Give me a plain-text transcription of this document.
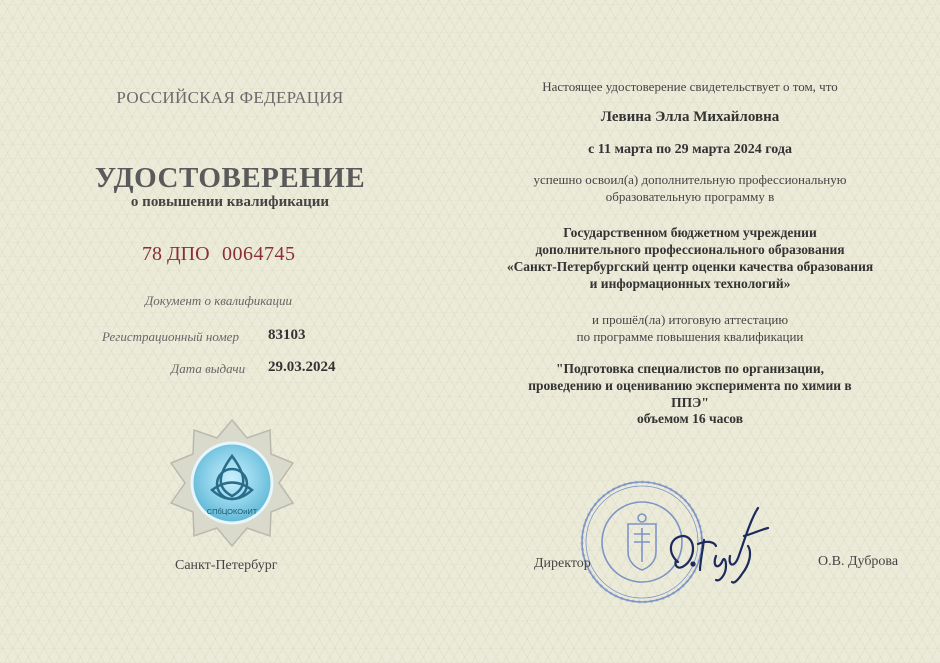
РОССИЙСКАЯ ФЕДЕРАЦИЯ
УДОСТОВЕРЕНИЕ
о повышении квалификации
78 ДПО 0064745
Документ о квалификации
Регистрационный номер 83103
Дата выдачи 29.03.2024
СПбЦОКОиИТ
Санкт-Петербург
Настоящее удостоверение свидетельствует о том, что
Левина Элла Михайловна
с 11 марта по 29 марта 2024 года
успешно освоил(а) дополнительную профессиональную
образовательную программу в
Государственном бюджетном учреждении
дополнительного профессионального образования
«Санкт-Петербургский центр оценки качества образования
и информационных технологий»
и прошёл(ла) итоговую аттестацию
по программе повышения квалификации
"Подготовка специалистов по организации,
проведению и оцениванию эксперимента по химии в
ППЭ"
объемом 16 часов
Директор	О.В. Дуброва
